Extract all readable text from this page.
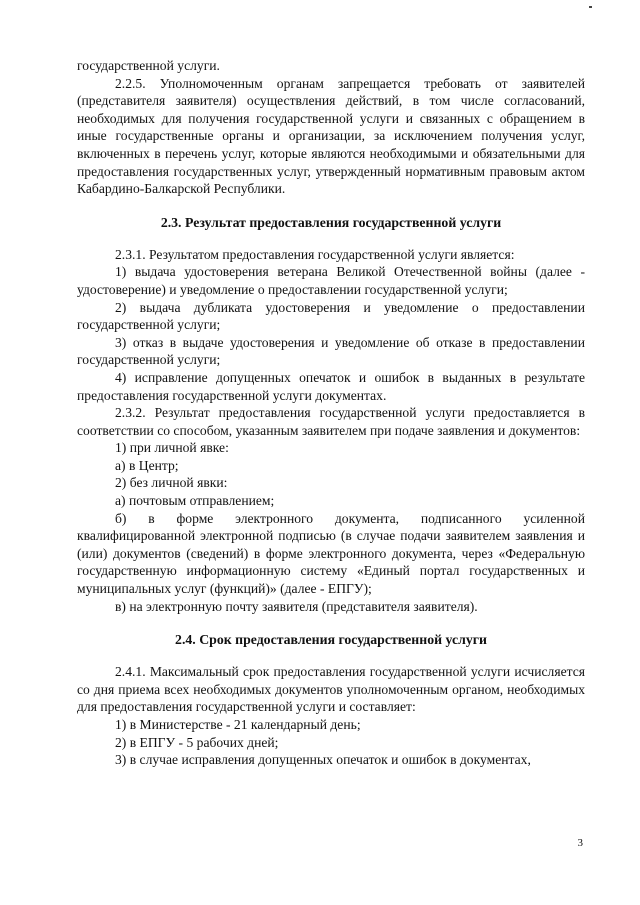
государственной услуги.

2.2.5. Уполномоченным органам запрещается требовать от заявителей (представителя заявителя) осуществления действий, в том числе согласований, необходимых для получения государственной услуги и связанных с обращением в иные государственные органы и организации, за исключением получения услуг, включенных в перечень услуг, которые являются необходимыми и обязательными для предоставления государственных услуг, утвержденный нормативным правовым актом Кабардино-Балкарской Республики.

2.3. Результат предоставления государственной услуги

2.3.1. Результатом предоставления государственной услуги является:

1) выдача удостоверения ветерана Великой Отечественной войны (далее - удостоверение) и уведомление о предоставлении государственной услуги;

2) выдача дубликата удостоверения и уведомление о предоставлении государственной услуги;

3) отказ в выдаче удостоверения и уведомление об отказе в предоставлении государственной услуги;

4) исправление допущенных опечаток и ошибок в выданных в результате предоставления государственной услуги документах.

2.3.2. Результат предоставления государственной услуги предоставляется в соответствии со способом, указанным заявителем при подаче заявления и документов:

1) при личной явке:

а) в Центр;

2) без личной явки:

а) почтовым отправлением;

б) в форме электронного документа, подписанного усиленной квалифицированной электронной подписью (в случае подачи заявителем заявления и (или) документов (сведений) в форме электронного документа, через «Федеральную государственную информационную систему «Единый портал государственных и муниципальных услуг (функций)» (далее - ЕПГУ);

в) на электронную почту заявителя (представителя заявителя).

2.4. Срок предоставления государственной услуги

2.4.1. Максимальный срок предоставления государственной услуги исчисляется со дня приема всех необходимых документов уполномоченным органом, необходимых для предоставления государственной услуги и составляет:

1) в Министерстве - 21 календарный день;

2) в ЕПГУ - 5 рабочих дней;

3) в случае исправления допущенных опечаток и ошибок в документах,

3
